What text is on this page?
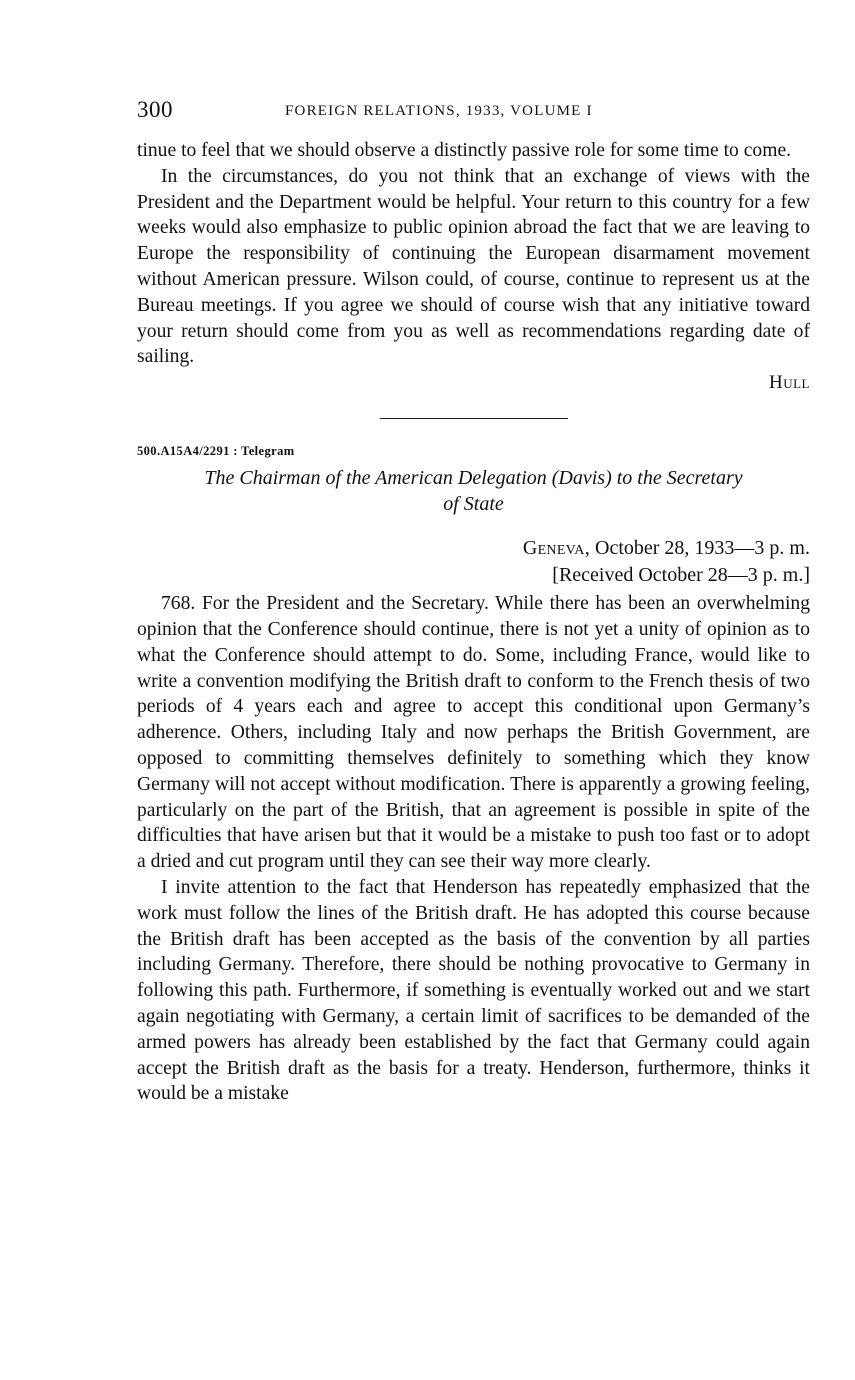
300	FOREIGN RELATIONS, 1933, VOLUME I

tinue to feel that we should observe a distinctly passive role for some time to come.

In the circumstances, do you not think that an exchange of views with the President and the Department would be helpful. Your return to this country for a few weeks would also emphasize to public opinion abroad the fact that we are leaving to Europe the responsibility of continuing the European disarmament movement without American pressure. Wilson could, of course, continue to represent us at the Bureau meetings. If you agree we should of course wish that any initiative toward your return should come from you as well as recommendations regarding date of sailing.

Hull
500.A15A4/2291 : Telegram
The Chairman of the American Delegation (Davis) to the Secretary
of State
Geneva, October 28, 1933—3 p. m.
[Received October 28—3 p. m.]

768. For the President and the Secretary. While there has been an overwhelming opinion that the Conference should continue, there is not yet a unity of opinion as to what the Conference should attempt to do. Some, including France, would like to write a convention modifying the British draft to conform to the French thesis of two periods of 4 years each and agree to accept this conditional upon Germany’s adherence. Others, including Italy and now perhaps the British Government, are opposed to committing themselves definitely to something which they know Germany will not accept without modification. There is apparently a growing feeling, particularly on the part of the British, that an agreement is possible in spite of the difficulties that have arisen but that it would be a mistake to push too fast or to adopt a dried and cut program until they can see their way more clearly.

I invite attention to the fact that Henderson has repeatedly emphasized that the work must follow the lines of the British draft. He has adopted this course because the British draft has been accepted as the basis of the convention by all parties including Germany. Therefore, there should be nothing provocative to Germany in following this path. Furthermore, if something is eventually worked out and we start again negotiating with Germany, a certain limit of sacrifices to be demanded of the armed powers has already been established by the fact that Germany could again accept the British draft as the basis for a treaty. Henderson, furthermore, thinks it would be a mistake
